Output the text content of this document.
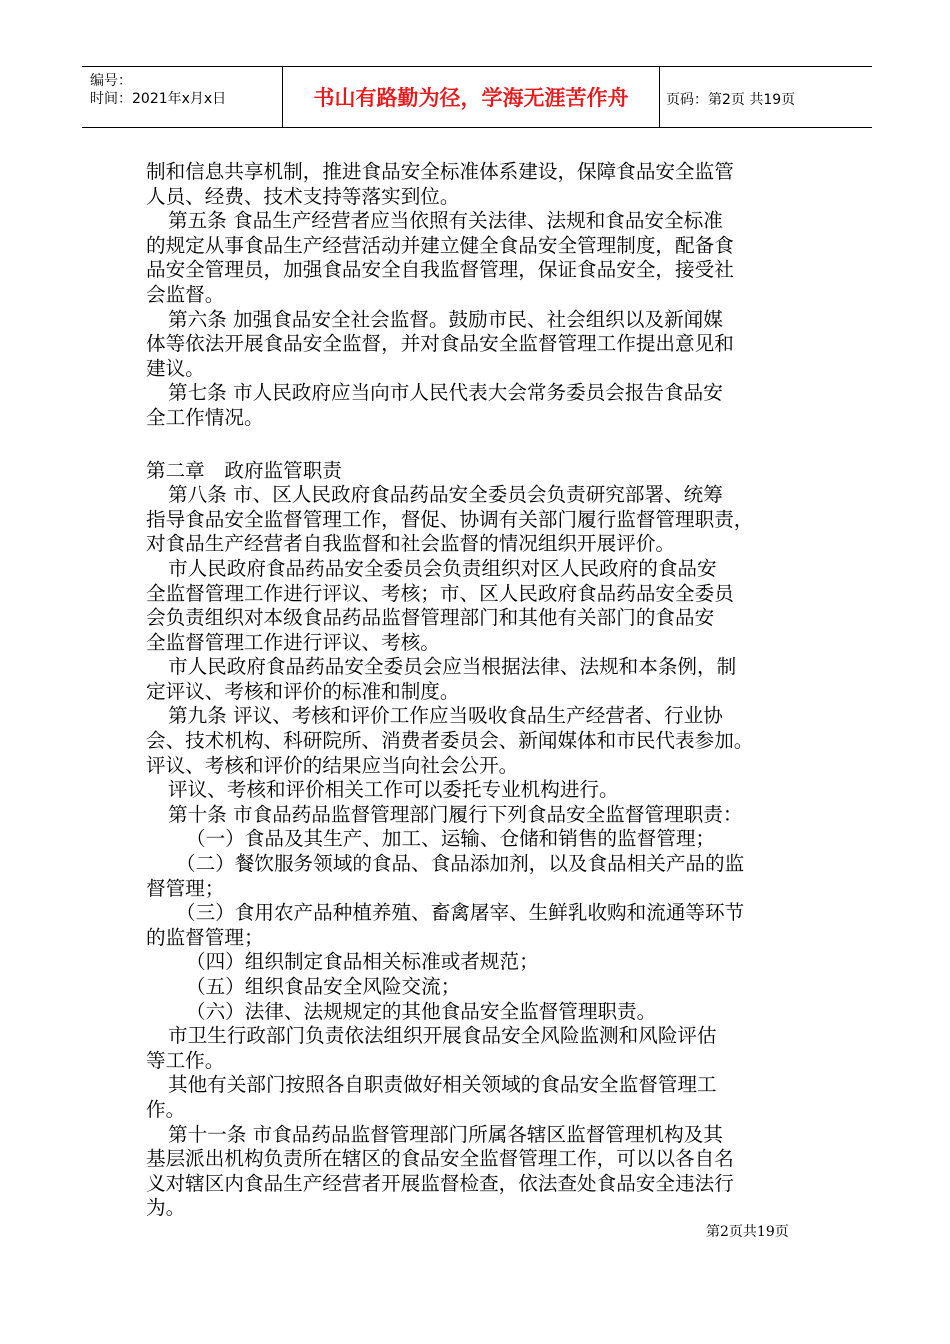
编号：
时间：2021年x月x日	书山有路勤为径，学海无涯苦作舟	页码：第2页 共19页
制和信息共享机制，推进食品安全标准体系建设，保障食品安全监管
人员、经费、技术支持等落实到位。
第五条 食品生产经营者应当依照有关法律、法规和食品安全标准
的规定从事食品生产经营活动并建立健全食品安全管理制度，配备食
品安全管理员，加强食品安全自我监督管理，保证食品安全，接受社
会监督。
第六条 加强食品安全社会监督。鼓励市民、社会组织以及新闻媒
体等依法开展食品安全监督，并对食品安全监督管理工作提出意见和
建议。
第七条 市人民政府应当向市人民代表大会常务委员会报告食品安
全工作情况。
第二章　政府监管职责
第八条 市、区人民政府食品药品安全委员会负责研究部署、统筹
指导食品安全监督管理工作，督促、协调有关部门履行监督管理职责，
对食品生产经营者自我监督和社会监督的情况组织开展评价。
市人民政府食品药品安全委员会负责组织对区人民政府的食品安
全监督管理工作进行评议、考核；市、区人民政府食品药品安全委员
会负责组织对本级食品药品监督管理部门和其他有关部门的食品安
全监督管理工作进行评议、考核。
市人民政府食品药品安全委员会应当根据法律、法规和本条例，制
定评议、考核和评价的标准和制度。
第九条 评议、考核和评价工作应当吸收食品生产经营者、行业协
会、技术机构、科研院所、消费者委员会、新闻媒体和市民代表参加。
评议、考核和评价的结果应当向社会公开。
评议、考核和评价相关工作可以委托专业机构进行。
第十条 市食品药品监督管理部门履行下列食品安全监督管理职责：
（一）食品及其生产、加工、运输、仓储和销售的监督管理；
（二）餐饮服务领域的食品、食品添加剂，以及食品相关产品的监
督管理；
（三）食用农产品种植养殖、畜禽屠宰、生鲜乳收购和流通等环节
的监督管理；
（四）组织制定食品相关标准或者规范；
（五）组织食品安全风险交流；
（六）法律、法规规定的其他食品安全监督管理职责。
市卫生行政部门负责依法组织开展食品安全风险监测和风险评估
等工作。
其他有关部门按照各自职责做好相关领域的食品安全监督管理工
作。
第十一条 市食品药品监督管理部门所属各辖区监督管理机构及其
基层派出机构负责所在辖区的食品安全监督管理工作，可以以各自名
义对辖区内食品生产经营者开展监督检查，依法查处食品安全违法行
为。
第2页共19页
